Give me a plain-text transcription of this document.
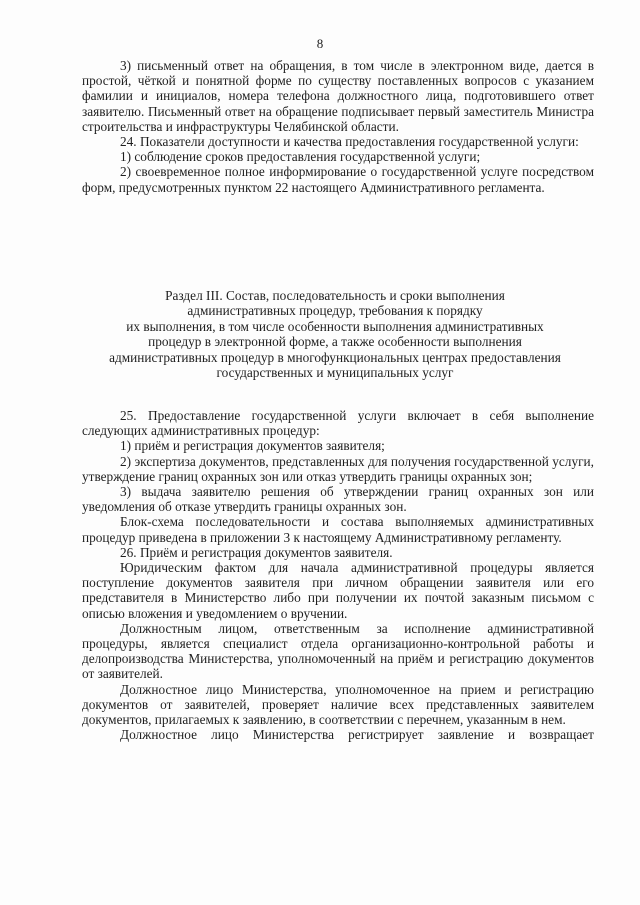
8

3) письменный ответ на обращения, в том числе в электронном виде, дается в простой, чёткой и понятной форме по существу поставленных вопросов с указанием фамилии и инициалов, номера телефона должностного лица, подготовившего ответ заявителю. Письменный ответ на обращение подписывает первый заместитель Министра строительства и инфраструктуры Челябинской области.

24. Показатели доступности и качества предоставления государственной услуги:

1) соблюдение сроков предоставления государственной услуги;

2) своевременное полное информирование о государственной услуге посредством форм, предусмотренных пунктом 22 настоящего Административного регламента.

Раздел III. Состав, последовательность и сроки выполнения
административных процедур, требования к порядку
их выполнения, в том числе особенности выполнения административных
процедур в электронной форме, а также особенности выполнения
административных процедур в многофункциональных центрах предоставления
государственных и муниципальных услуг

25. Предоставление государственной услуги включает в себя выполнение следующих административных процедур:

1) приём и регистрация документов заявителя;

2) экспертиза документов, представленных для получения государственной услуги, утверждение границ охранных зон или отказ утвердить границы охранных зон;

3) выдача заявителю решения об утверждении границ охранных зон или уведомления об отказе утвердить границы охранных зон.

Блок-схема последовательности и состава выполняемых административных процедур приведена в приложении 3 к настоящему Административному регламенту.

26. Приём и регистрация документов заявителя.

Юридическим фактом для начала административной процедуры является поступление документов заявителя при личном обращении заявителя или его представителя в Министерство либо при получении их почтой заказным письмом с описью вложения и уведомлением о вручении.

Должностным лицом, ответственным за исполнение административной процедуры, является специалист отдела организационно-контрольной работы и делопроизводства Министерства, уполномоченный на приём и регистрацию документов от заявителей.

Должностное лицо Министерства, уполномоченное на прием и регистрацию документов от заявителей, проверяет наличие всех представленных заявителем документов, прилагаемых к заявлению, в соответствии с перечнем, указанным в нем.

Должностное лицо Министерства регистрирует заявление и возвращает
